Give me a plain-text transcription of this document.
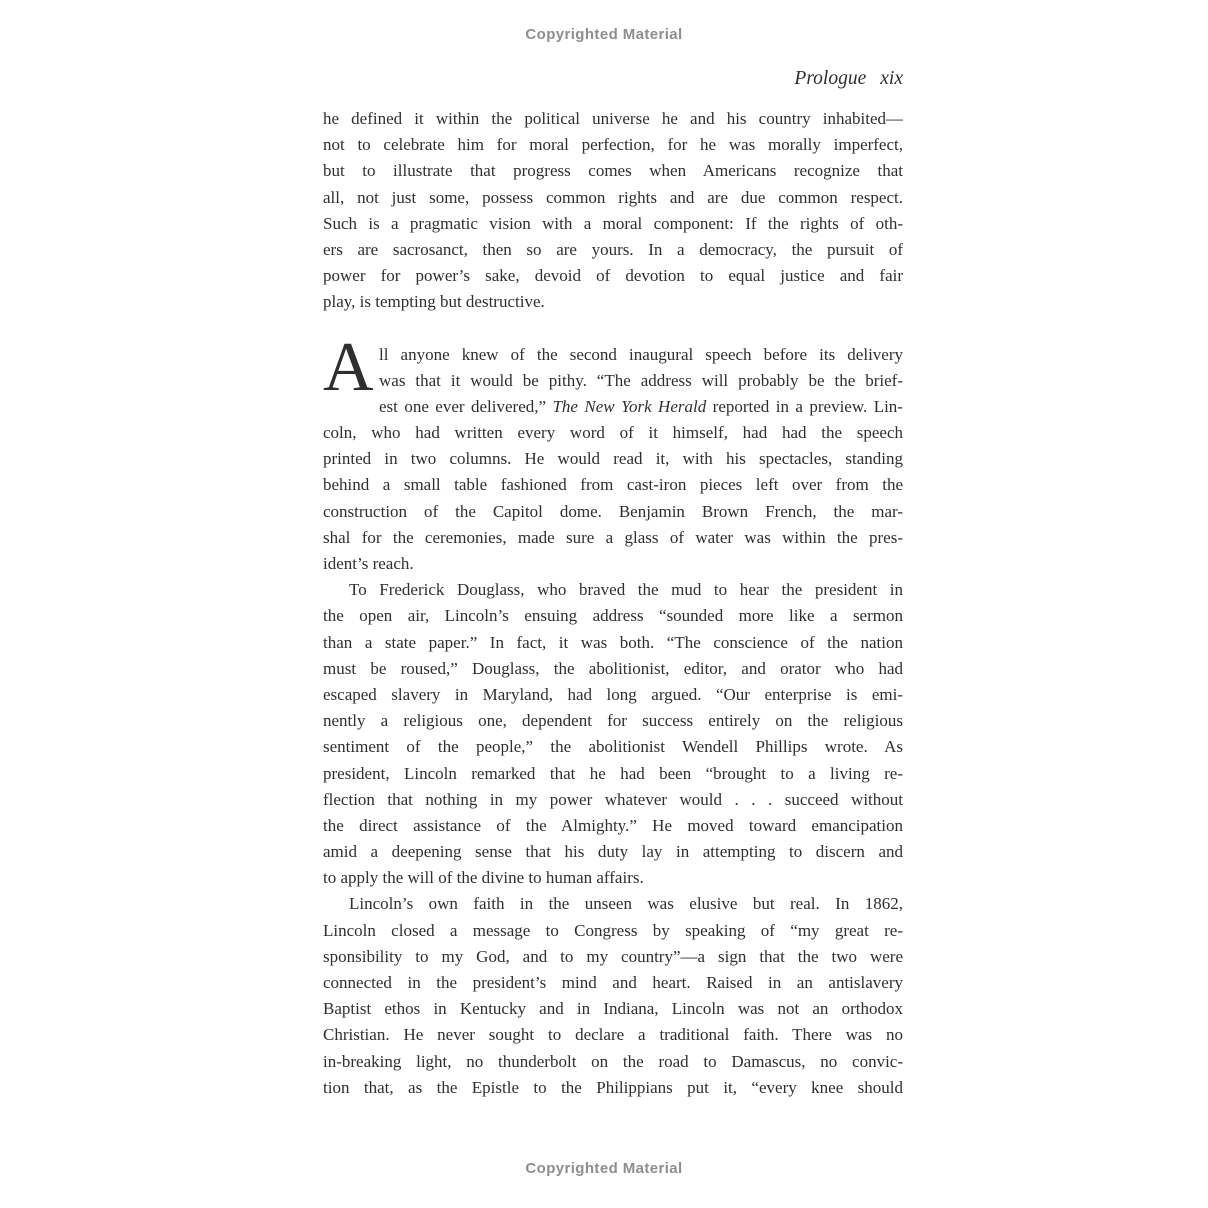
Copyrighted Material
Prologue xix
he defined it within the political universe he and his country inhabited—
not to celebrate him for moral perfection, for he was morally imperfect,
but to illustrate that progress comes when Americans recognize that
all, not just some, possess common rights and are due common respect.
Such is a pragmatic vision with a moral component: If the rights of oth-
ers are sacrosanct, then so are yours. In a democracy, the pursuit of
power for power’s sake, devoid of devotion to equal justice and fair
play, is tempting but destructive.
A ll anyone knew of the second inaugural speech before its delivery
was that it would be pithy. “The address will probably be the brief-
est one ever delivered,” The New York Herald reported in a preview. Lin-
coln, who had written every word of it himself, had had the speech
printed in two columns. He would read it, with his spectacles, standing
behind a small table fashioned from cast-iron pieces left over from the
construction of the Capitol dome. Benjamin Brown French, the mar-
shal for the ceremonies, made sure a glass of water was within the pres-
ident’s reach.
To Frederick Douglass, who braved the mud to hear the president in
the open air, Lincoln’s ensuing address “sounded more like a sermon
than a state paper.” In fact, it was both. “The conscience of the nation
must be roused,” Douglass, the abolitionist, editor, and orator who had
escaped slavery in Maryland, had long argued. “Our enterprise is emi-
nently a religious one, dependent for success entirely on the religious
sentiment of the people,” the abolitionist Wendell Phillips wrote. As
president, Lincoln remarked that he had been “brought to a living re-
flection that nothing in my power whatever would . . . succeed without
the direct assistance of the Almighty.” He moved toward emancipation
amid a deepening sense that his duty lay in attempting to discern and
to apply the will of the divine to human affairs.
Lincoln’s own faith in the unseen was elusive but real. In 1862,
Lincoln closed a message to Congress by speaking of “my great re-
sponsibility to my God, and to my country”—a sign that the two were
connected in the president’s mind and heart. Raised in an antislavery
Baptist ethos in Kentucky and in Indiana, Lincoln was not an orthodox
Christian. He never sought to declare a traditional faith. There was no
in-breaking light, no thunderbolt on the road to Damascus, no convic-
tion that, as the Epistle to the Philippians put it, “every knee should
Copyrighted Material
